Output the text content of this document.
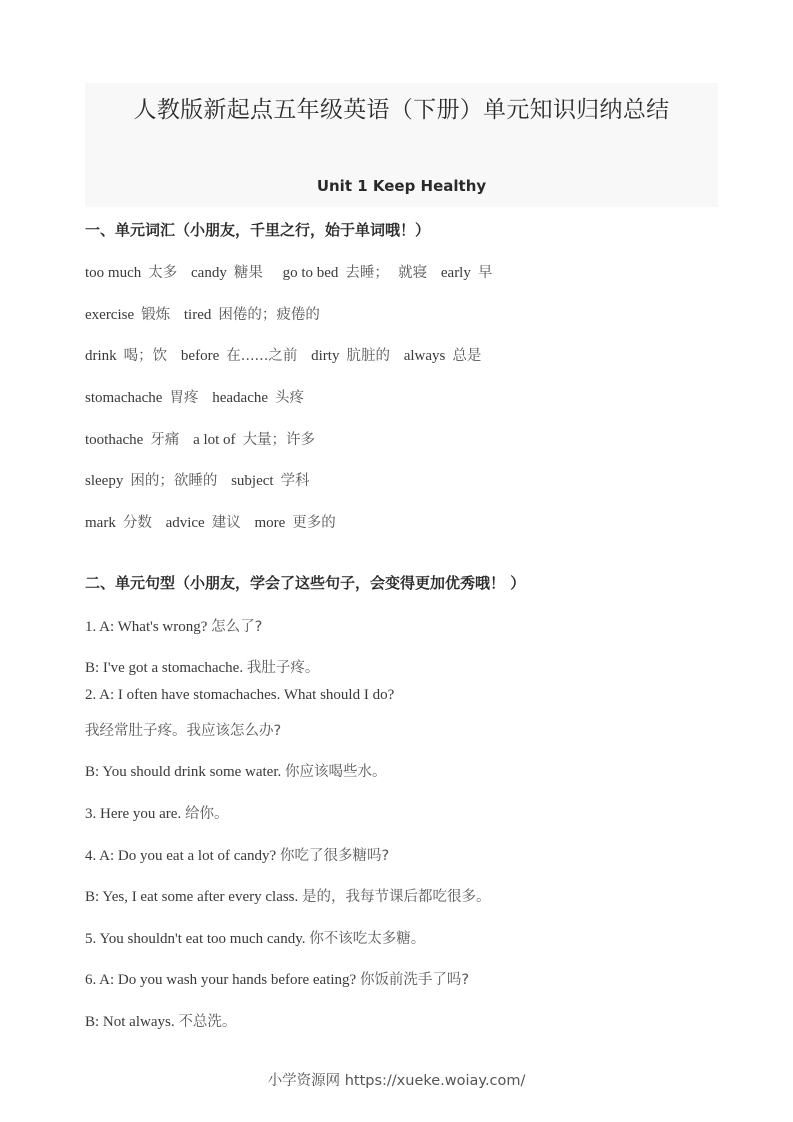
人教版新起点五年级英语（下册）单元知识归纳总结
Unit 1 Keep Healthy
一、单元词汇（小朋友，千里之行，始于单词哦！）
too much 太多 candy 糖果 go to bed 去睡；  就寝 early 早
exercise 锻炼 tired 困倦的；疲倦的
drink 喝；饮 before 在......之前 dirty 肮脏的 always 总是
stomachache 胃疼 headache 头疼
toothache 牙痛 a lot of 大量；许多
sleepy 困的；欲睡的 subject 学科
mark 分数 advice 建议 more 更多的
二、单元句型（小朋友，学会了这些句子，会变得更加优秀哦！ ）
1. A: What's wrong? 怎么了?
B: I've got a stomachache. 我肚子疼。
2. A: I often have stomachaches. What should I do?
我经常肚子疼。我应该怎么办?
B: You should drink some water. 你应该喝些水。
3. Here you are. 给你。
4. A: Do you eat a lot of candy? 你吃了很多糖吗?
B: Yes, I eat some after every class. 是的，我每节课后都吃很多。
5. You shouldn't eat too much candy. 你不该吃太多糖。
6. A: Do you wash your hands before eating? 你饭前洗手了吗?
B: Not always. 不总洗。
小学资源网 https://xueke.woiay.com/
